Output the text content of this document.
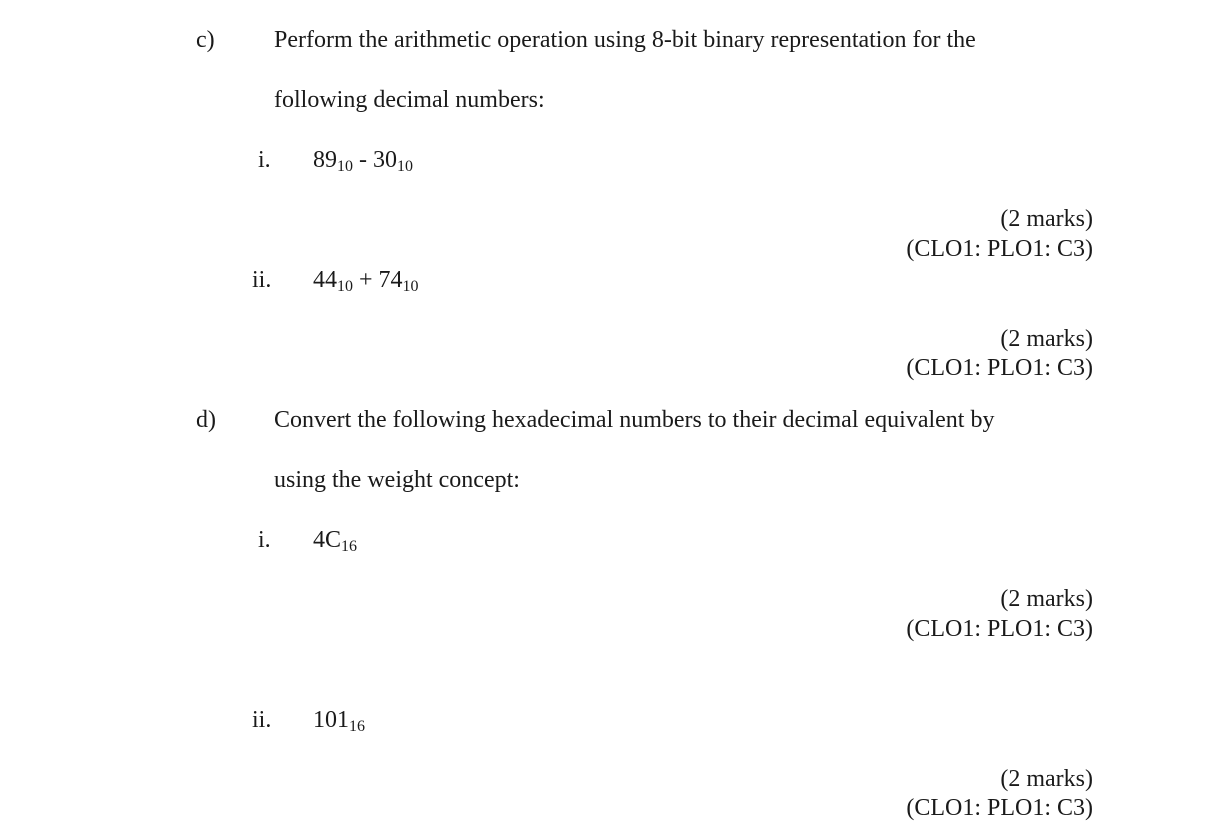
c) Perform the arithmetic operation using 8-bit binary representation for the
following decimal numbers:
i. $89_{10} - 30_{10}$
(2 marks)
(CLO1: PLO1: C3)
ii. $44_{10} + 74_{10}$
(2 marks)
(CLO1: PLO1: C3)
d) Convert the following hexadecimal numbers to their decimal equivalent by
using the weight concept:
i. $4C_{16}$
(2 marks)
(CLO1: PLO1: C3)
ii. $101_{16}$
(2 marks)
(CLO1: PLO1: C3)
